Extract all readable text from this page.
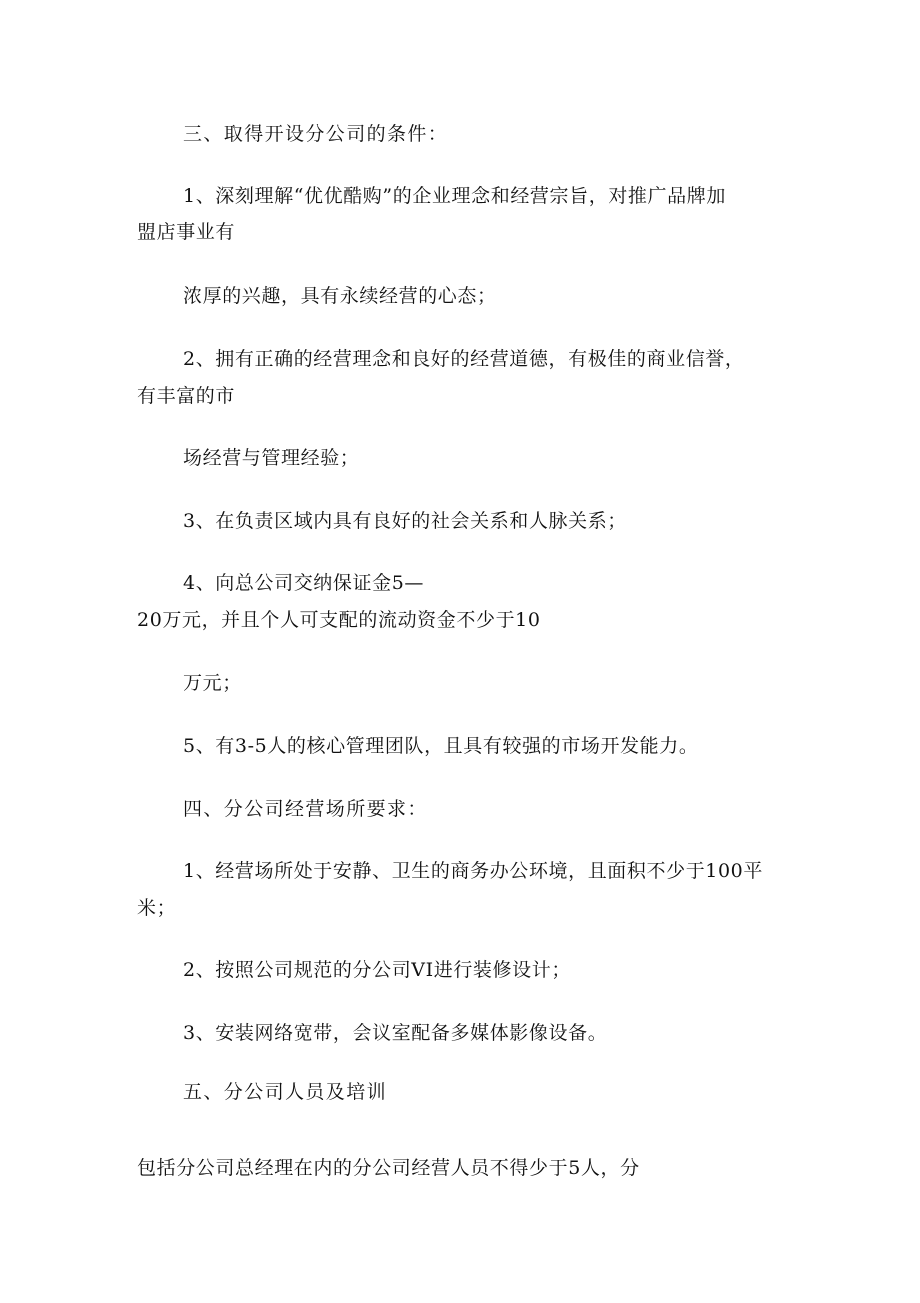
三、取得开设分公司的条件：
1、深刻理解“优优酷购”的企业理念和经营宗旨，对推广品牌加
盟店事业有
浓厚的兴趣，具有永续经营的心态；
2、拥有正确的经营理念和良好的经营道德，有极佳的商业信誉，
有丰富的市
场经营与管理经验；
3、在负责区域内具有良好的社会关系和人脉关系；
4、向总公司交纳保证金5—
20万元，并且个人可支配的流动资金不少于10
万元；
5、有3-5人的核心管理团队，且具有较强的市场开发能力。
四、分公司经营场所要求：
1、经营场所处于安静、卫生的商务办公环境，且面积不少于100平
米；
2、按照公司规范的分公司VI进行装修设计；
3、安装网络宽带，会议室配备多媒体影像设备。
五、分公司人员及培训
包括分公司总经理在内的分公司经营人员不得少于5人，分
